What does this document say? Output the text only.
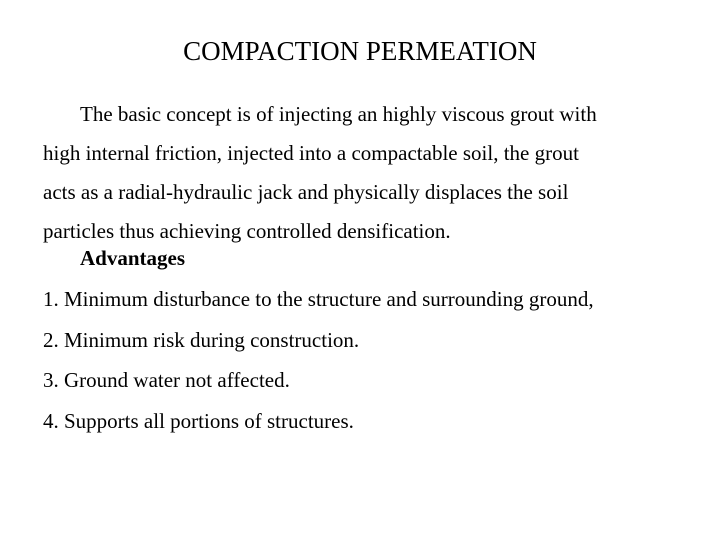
COMPACTION PERMEATION

The basic concept is of injecting an highly viscous grout with
high internal friction, injected into a compactable soil, the grout
acts as a radial-hydraulic jack and physically displaces the soil
particles thus achieving controlled densification.

Advantages
1. Minimum disturbance to the structure and surrounding ground,
2. Minimum risk during construction.
3. Ground water not affected.
4. Supports all portions of structures.
